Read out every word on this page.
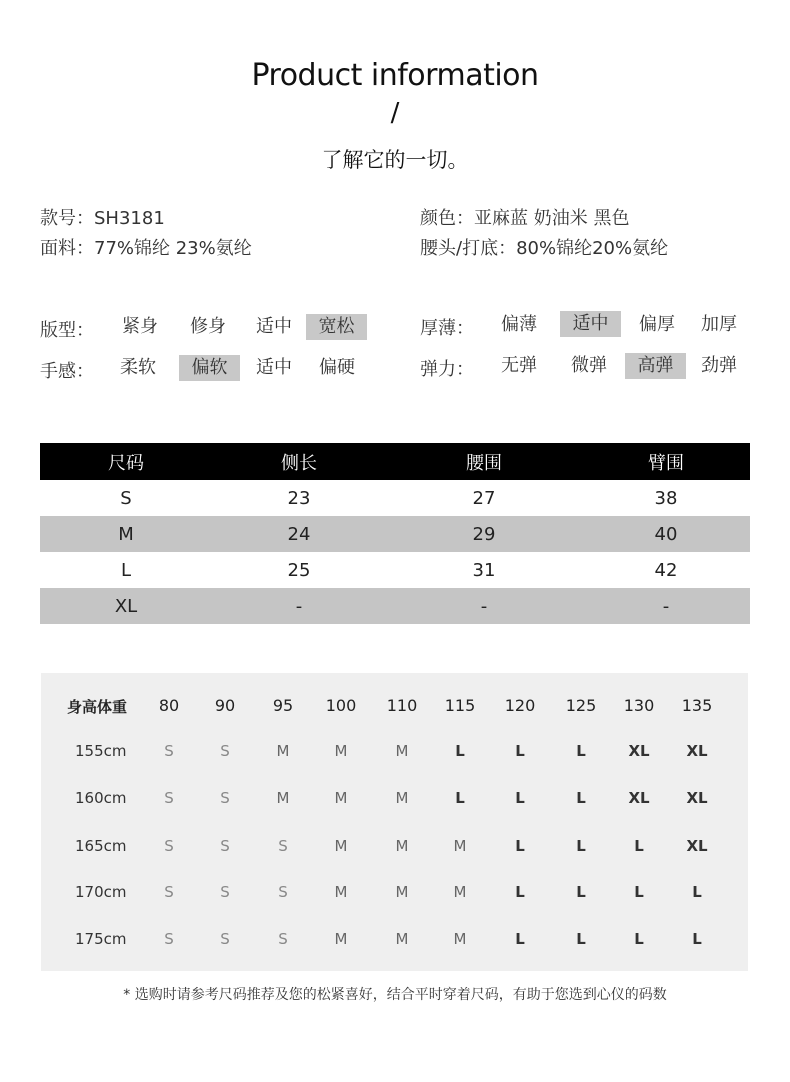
Product information
/
了解它的一切。
款号：SH3181	颜色：亚麻蓝 奶油米 黑色
面料：77%锦纶 23%氨纶	腰头/打底：80%锦纶20%氨纶
版型：	紧身	修身	适中	宽松	厚薄：	偏薄	适中	偏厚	加厚
手感：	柔软	偏软	适中	偏硬	弹力：	无弹	微弹	高弹	劲弹
尺码	侧长	腰围	臂围
S	23	27	38
M	24	29	40
L	25	31	42
XL	-	-	-
身高体重	80	90	95	100	110	115	120	125	130	135
155cm	S	S	M	M	M	L	L	L	XL	XL
160cm	S	S	M	M	M	L	L	L	XL	XL
165cm	S	S	S	M	M	M	L	L	L	XL
170cm	S	S	S	M	M	M	L	L	L	L
175cm	S	S	S	M	M	M	L	L	L	L
* 选购时请参考尺码推荐及您的松紧喜好，结合平时穿着尺码，有助于您选到心仪的码数
